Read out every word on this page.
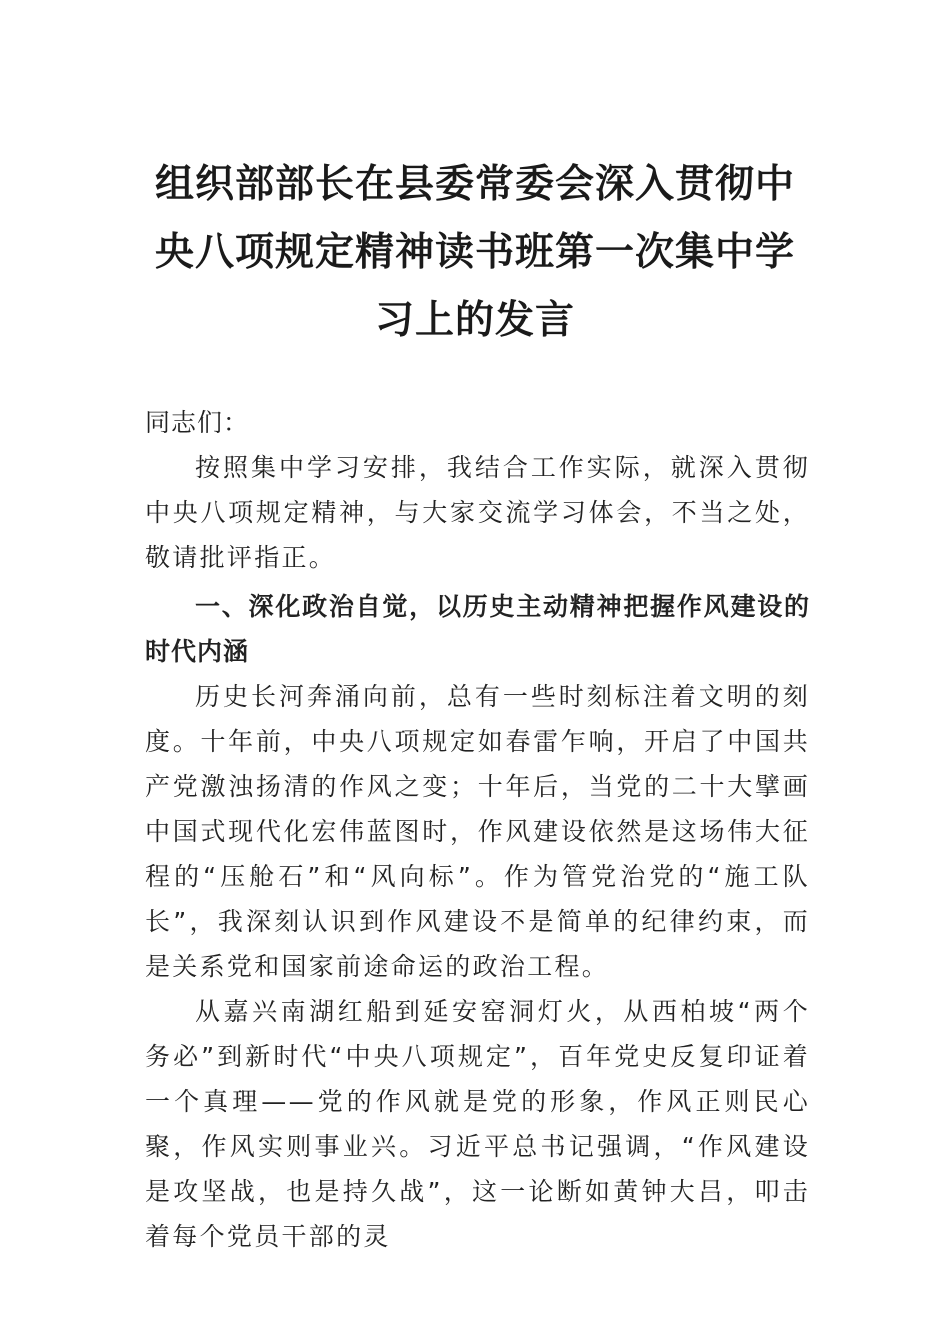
组织部部长在县委常委会深入贯彻中央八项规定精神读书班第一次集中学习上的发言

同志们：

按照集中学习安排，我结合工作实际，就深入贯彻中央八项规定精神，与大家交流学习体会，不当之处，敬请批评指正。

一、深化政治自觉，以历史主动精神把握作风建设的时代内涵

历史长河奔涌向前，总有一些时刻标注着文明的刻度。十年前，中央八项规定如春雷乍响，开启了中国共产党激浊扬清的作风之变；十年后，当党的二十大擘画中国式现代化宏伟蓝图时，作风建设依然是这场伟大征程的“压舱石”和“风向标”。作为管党治党的“施工队长”，我深刻认识到作风建设不是简单的纪律约束，而是关系党和国家前途命运的政治工程。

从嘉兴南湖红船到延安窑洞灯火，从西柏坡“两个务必”到新时代“中央八项规定”，百年党史反复印证着一个真理——党的作风就是党的形象，作风正则民心聚，作风实则事业兴。习近平总书记强调，“作风建设是攻坚战，也是持久战”，这一论断如黄钟大吕，叩击着每个党员干部的灵
